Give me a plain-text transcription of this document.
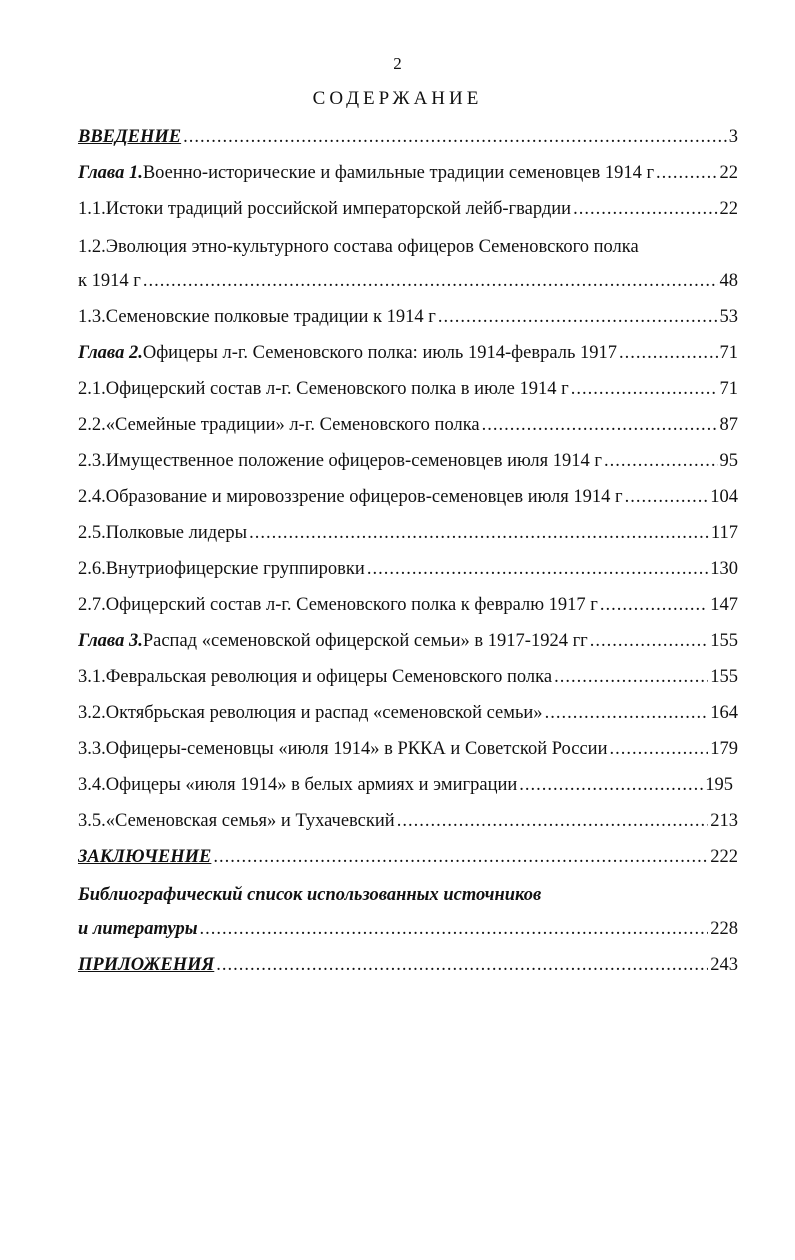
2
СОДЕРЖАНИЕ
ВВЕДЕНИЕ .....	3
Глава 1. Военно-исторические и фамильные традиции семеновцев 1914 г .....	22
1.1.Истоки традиций российской императорской лейб-гвардии .....	22
1.2.Эволюция этно-культурного состава офицеров Семеновского полка
к 1914 г .....	48
1.3.Семеновские полковые традиции к 1914 г .....	53
Глава 2. Офицеры л-г. Семеновского полка: июль 1914-февраль 1917 .....	71
2.1.Офицерский состав л-г. Семеновского полка в июле 1914 г .....	71
2.2.«Семейные традиции» л-г. Семеновского полка .....	87
2.3.Имущественное положение офицеров-семеновцев июля 1914 г .....	95
2.4.Образование и мировоззрение офицеров-семеновцев июля 1914 г .....	104
2.5.Полковые лидеры .....	117
2.6.Внутриофицерские группировки .....	130
2.7.Офицерский состав л-г. Семеновского полка к февралю 1917 г .....	147
Глава 3. Распад «семеновской офицерской семьи» в 1917-1924 гг .....	155
3.1.Февральская революция и офицеры Семеновского полка .....	155
3.2.Октябрьская революция и распад «семеновской семьи» .....	164
3.3.Офицеры-семеновцы «июля 1914» в РККА и Советской России .....	179
3.4.Офицеры «июля 1914» в белых армиях и эмиграции .....	195
3.5.«Семеновская семья» и Тухачевский .....	213
ЗАКЛЮЧЕНИЕ .....	222
Библиографический список использованных источников
и литературы .....	228
ПРИЛОЖЕНИЯ .....	243
